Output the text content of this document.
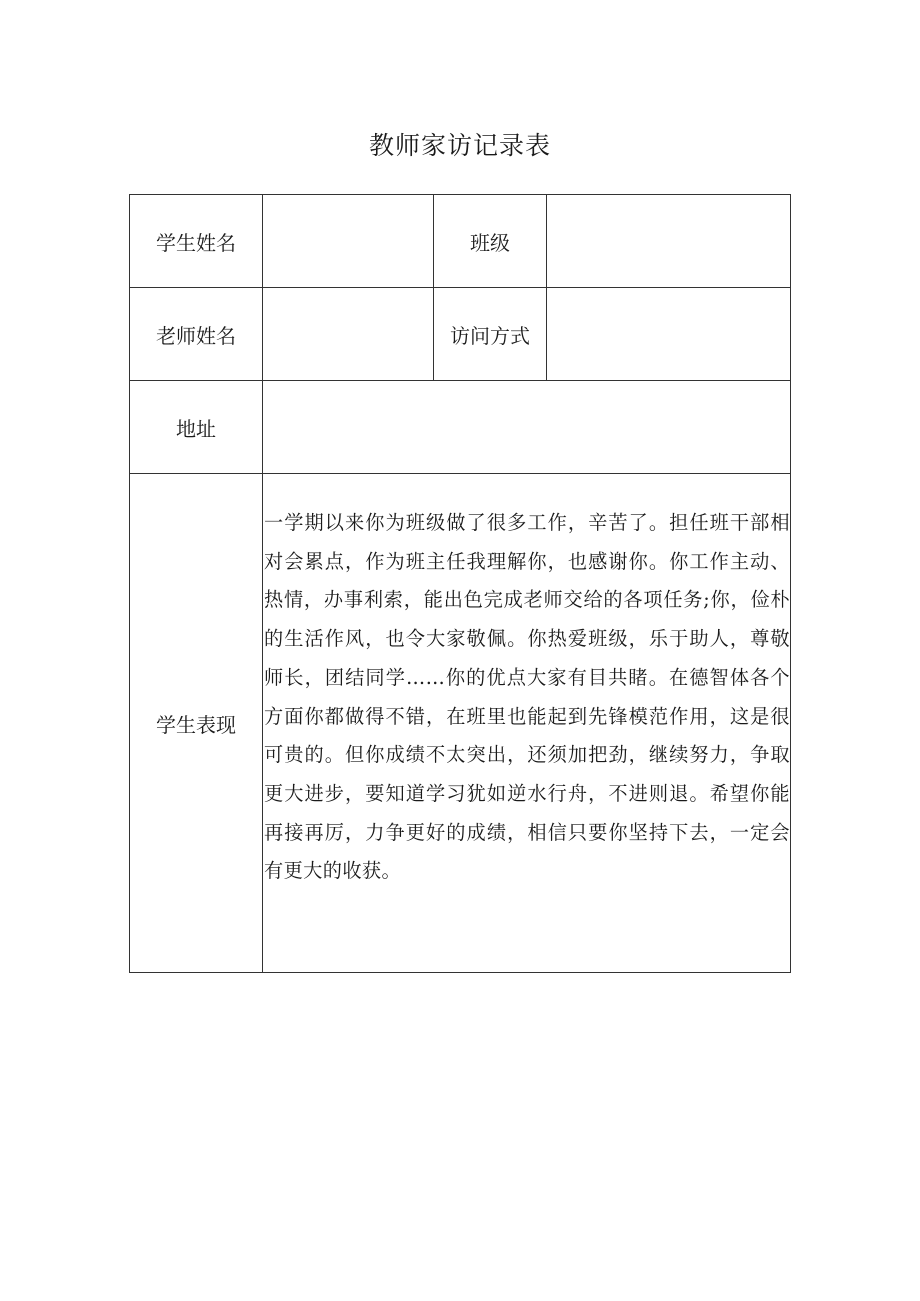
教师家访记录表
学生姓名		班级	
老师姓名		访问方式	
地址			
学生表现	一学期以来你为班级做了很多工作，辛苦了。担任班干部相对会累点，作为班主任我理解你，也感谢你。你工作主动、热情，办事利索，能出色完成老师交给的各项任务;你，俭朴的生活作风，也令大家敬佩。你热爱班级，乐于助人，尊敬师长，团结同学……你的优点大家有目共睹。在德智体各个方面你都做得不错，在班里也能起到先锋模范作用，这是很可贵的。但你成绩不太突出，还须加把劲，继续努力，争取更大进步，要知道学习犹如逆水行舟，不进则退。希望你能再接再厉，力争更好的成绩，相信只要你坚持下去，一定会有更大的收获。		
